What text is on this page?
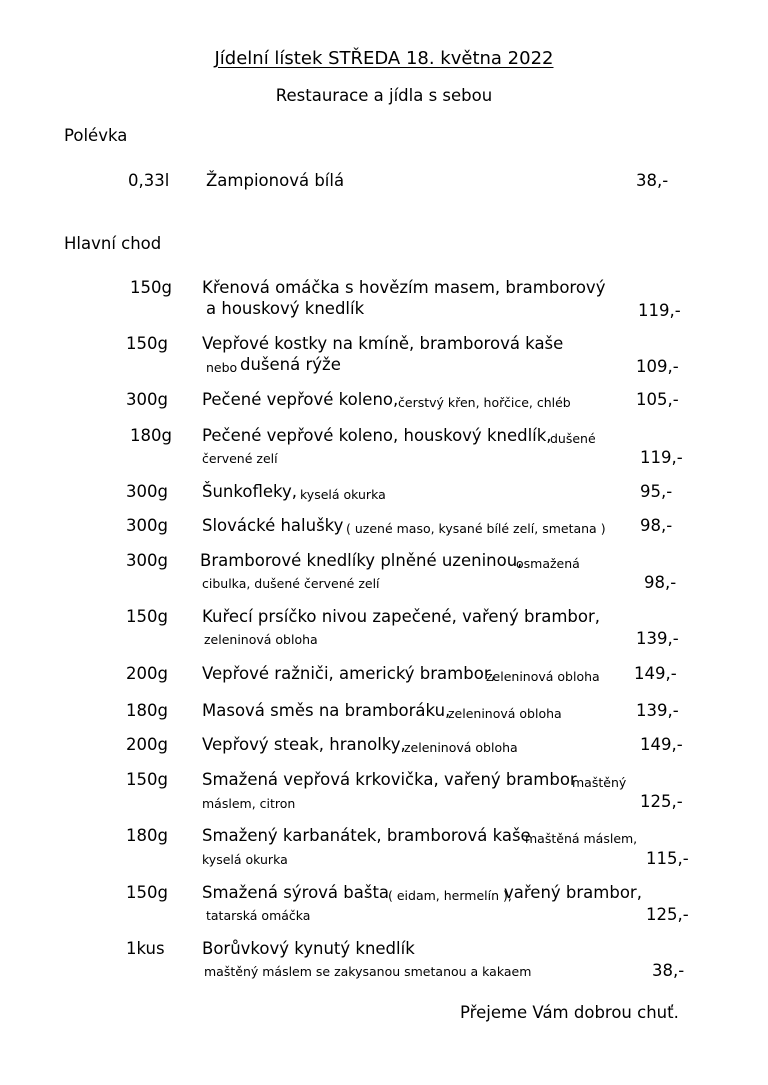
Jídelní lístek STŘEDA 18. května 2022
Restaurace a jídla s sebou
Polévka
0,33l Žampionová bílá	38,-
Hlavní chod
150g Křenová omáčka s hovězím masem, bramborový
a houskový knedlík	119,-
150g Vepřové kostky na kmíně, bramborová kaše
nebo dušená rýže	109,-
300g Pečené vepřové koleno, čerstvý křen, hořčice, chléb	105,-
180g Pečené vepřové koleno, houskový knedlík,
dušené
červené zelí	119,-
300g Šunkofleky, kyselá okurka	95,-
300g Slovácké halušky ( uzené maso, kysané bílé zelí, smetana ) 98,-
300g Bramborové knedlíky plněné uzeninou,
osmažená
cibulka, dušené červené zelí	98,-
150g Kuřecí prsíčko nivou zapečené, vařený brambor,
zeleninová obloha	139,-
200g Vepřové ražniči, americký brambor,
zeleninová obloha 149,-
180g Masová směs na bramboráku,
zeleninová obloha	139,-
200g Vepřový steak, hranolky,
zeleninová obloha	149,-
150g Smažená vepřová krkovička, vařený brambor
maštěný
máslem, citron	125,-
180g Smažený karbanátek, bramborová kaše
maštěná máslem,
kyselá okurka	115,-
150g Smažená sýrová bašta
( eidam, hermelín ),
vařený brambor,
tatarská omáčka	125,-
1kus Borůvkový kynutý knedlík
maštěný máslem se zakysanou smetanou a kakaem	38,-
Přejeme Vám dobrou chuť.
